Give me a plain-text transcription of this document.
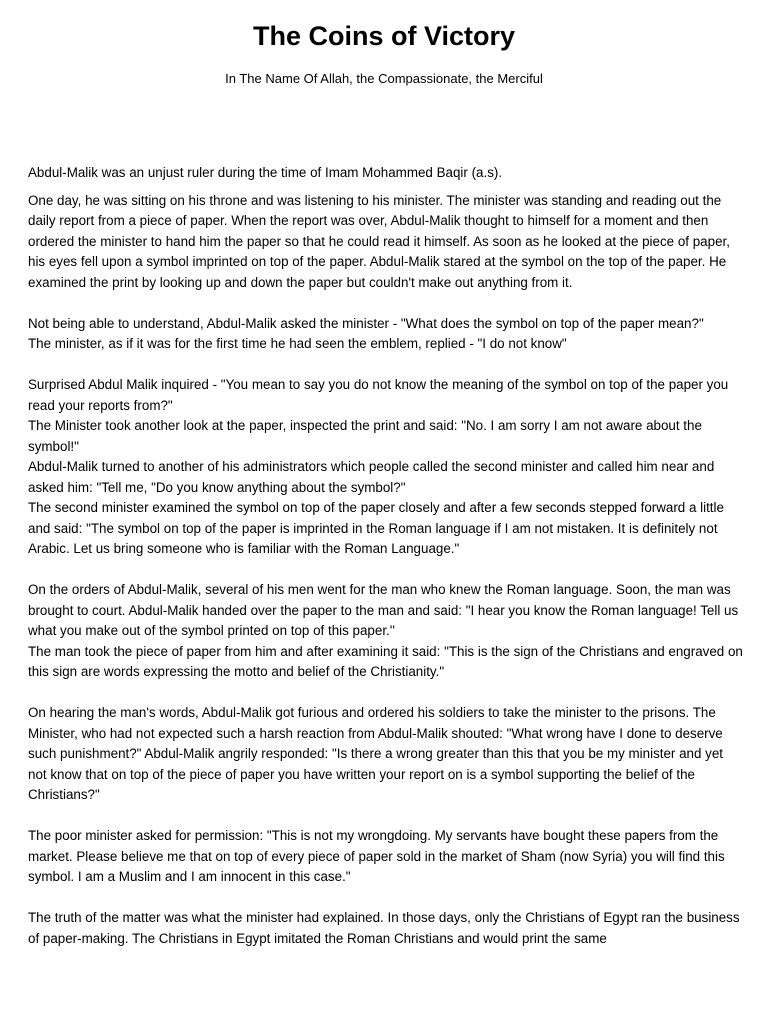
The Coins of Victory
In The Name Of Allah, the Compassionate, the Merciful

Abdul-Malik was an unjust ruler during the time of Imam Mohammed Baqir (a.s).

One day, he was sitting on his throne and was listening to his minister. The minister was standing and reading out the daily report from a piece of paper. When the report was over, Abdul-Malik thought to himself for a moment and then ordered the minister to hand him the paper so that he could read it himself. As soon as he looked at the piece of paper, his eyes fell upon a symbol imprinted on top of the paper. Abdul-Malik stared at the symbol on the top of the paper. He examined the print by looking up and down the paper but couldn't make out anything from it.

Not being able to understand, Abdul-Malik asked the minister - "What does the symbol on top of the paper mean?"
The minister, as if it was for the first time he had seen the emblem, replied - "I do not know"

Surprised Abdul Malik inquired - "You mean to say you do not know the meaning of the symbol on top of the paper you read your reports from?"
The Minister took another look at the paper, inspected the print and said: "No. I am sorry I am not aware about the symbol!"
Abdul-Malik turned to another of his administrators which people called the second minister and called him near and asked him: "Tell me, "Do you know anything about the symbol?"
The second minister examined the symbol on top of the paper closely and after a few seconds stepped forward a little and said: "The symbol on top of the paper is imprinted in the Roman language if I am not mistaken. It is definitely not Arabic. Let us bring someone who is familiar with the Roman Language."

On the orders of Abdul-Malik, several of his men went for the man who knew the Roman language. Soon, the man was brought to court. Abdul-Malik handed over the paper to the man and said: "I hear you know the Roman language! Tell us what you make out of the symbol printed on top of this paper.''
The man took the piece of paper from him and after examining it said: "This is the sign of the Christians and engraved on this sign are words expressing the motto and belief of the Christianity."

On hearing the man's words, Abdul-Malik got furious and ordered his soldiers to take the minister to the prisons. The Minister, who had not expected such a harsh reaction from Abdul-Malik shouted: "What wrong have I done to deserve such punishment?" Abdul-Malik angrily responded: "Is there a wrong greater than this that you be my minister and yet not know that on top of the piece of paper you have written your report on is a symbol supporting the belief of the Christians?"

The poor minister asked for permission: "This is not my wrongdoing. My servants have bought these papers from the market. Please believe me that on top of every piece of paper sold in the market of Sham (now Syria) you will find this symbol. I am a Muslim and I am innocent in this case."

The truth of the matter was what the minister had explained. In those days, only the Christians of Egypt ran the business of paper-making. The Christians in Egypt imitated the Roman Christians and would print the same
